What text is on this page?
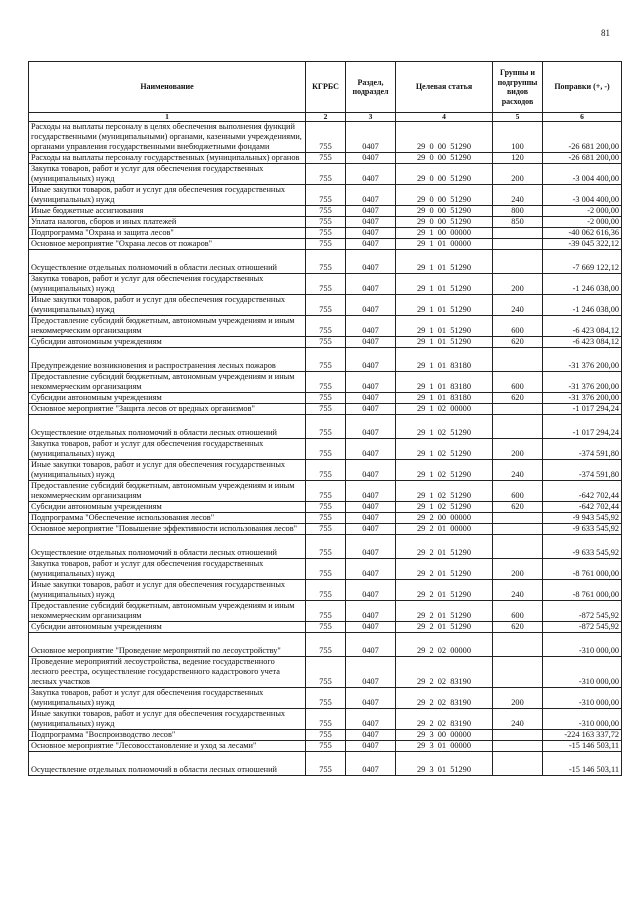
81
Наименование	КГРБС	Раздел, подраздел	Целевая статья	Группы и подгруппы видов расходов	Поправки (+, -)
1	2	3	4	5	6
Расходы на выплаты персоналу в целях обеспечения выполнения функций государственными (муниципальными) органами, казенными учреждениями, органами управления государственными внебюджетными фондами	755	0407	29  0  00  51290	100	-26 681 200,00
Расходы на выплаты персоналу государственных (муниципальных) органов	755	0407	29  0  00  51290	120	-26 681 200,00
Закупка товаров, работ и услуг для обеспечения государственных (муниципальных) нужд	755	0407	29  0  00  51290	200	-3 004 400,00
Иные закупки товаров, работ и услуг для обеспечения государственных (муниципальных) нужд	755	0407	29  0  00  51290	240	-3 004 400,00
Иные бюджетные ассигнования	755	0407	29  0  00  51290	800	-2 000,00
Уплата налогов, сборов и иных платежей	755	0407	29  0  00  51290	850	-2 000,00
Подпрограмма "Охрана и защита лесов"	755	0407	29  1  00  00000		-40 062 616,36
Основное мероприятие "Охрана лесов от пожаров"	755	0407	29  1  01  00000		-39 045 322,12
Осуществление отдельных полномочий в области лесных отношений	755	0407	29  1  01  51290		-7 669 122,12
Закупка товаров, работ и услуг для обеспечения государственных (муниципальных) нужд	755	0407	29  1  01  51290	200	-1 246 038,00
Иные закупки товаров, работ и услуг для обеспечения государственных (муниципальных) нужд	755	0407	29  1  01  51290	240	-1 246 038,00
Предоставление субсидий бюджетным, автономным учреждениям и иным некоммерческим организациям	755	0407	29  1  01  51290	600	-6 423 084,12
Субсидии автономным учреждениям	755	0407	29  1  01  51290	620	-6 423 084,12
Предупреждение возникновения и распространения лесных пожаров	755	0407	29  1  01  83180		-31 376 200,00
Предоставление субсидий бюджетным, автономным учреждениям и иным некоммерческим организациям	755	0407	29  1  01  83180	600	-31 376 200,00
Субсидии автономным учреждениям	755	0407	29  1  01  83180	620	-31 376 200,00
Основное мероприятие "Защита лесов от вредных организмов"	755	0407	29  1  02  00000		-1 017 294,24
Осуществление отдельных полномочий в области лесных отношений	755	0407	29  1  02  51290		-1 017 294,24
Закупка товаров, работ и услуг для обеспечения государственных (муниципальных) нужд	755	0407	29  1  02  51290	200	-374 591,80
Иные закупки товаров, работ и услуг для обеспечения государственных (муниципальных) нужд	755	0407	29  1  02  51290	240	-374 591,80
Предоставление субсидий бюджетным, автономным учреждениям и иным некоммерческим организациям	755	0407	29  1  02  51290	600	-642 702,44
Субсидии автономным учреждениям	755	0407	29  1  02  51290	620	-642 702,44
Подпрограмма "Обеспечение использования лесов"	755	0407	29  2  00  00000		-9 943 545,92
Основное мероприятие "Повышение эффективности использования лесов"	755	0407	29  2  01  00000		-9 633 545,92
Осуществление отдельных полномочий в области лесных отношений	755	0407	29  2  01  51290		-9 633 545,92
Закупка товаров, работ и услуг для обеспечения государственных (муниципальных) нужд	755	0407	29  2  01  51290	200	-8 761 000,00
Иные закупки товаров, работ и услуг для обеспечения государственных (муниципальных) нужд	755	0407	29  2  01  51290	240	-8 761 000,00
Предоставление субсидий бюджетным, автономным учреждениям и иным некоммерческим организациям	755	0407	29  2  01  51290	600	-872 545,92
Субсидии автономным учреждениям	755	0407	29  2  01  51290	620	-872 545,92
Основное мероприятие "Проведение мероприятий по лесоустройству"	755	0407	29  2  02  00000		-310 000,00
Проведение мероприятий лесоустройства, ведение государственного лесного реестра, осуществление государственного кадастрового учета лесных участков	755	0407	29  2  02  83190		-310 000,00
Закупка товаров, работ и услуг для обеспечения государственных (муниципальных) нужд	755	0407	29  2  02  83190	200	-310 000,00
Иные закупки товаров, работ и услуг для обеспечения государственных (муниципальных) нужд	755	0407	29  2  02  83190	240	-310 000,00
Подпрограмма "Воспроизводство лесов"	755	0407	29  3  00  00000		-224 163 337,72
Основное мероприятие "Лесовосстановление и уход за лесами"	755	0407	29  3  01  00000		-15 146 503,11
Осуществление отдельных полномочий в области лесных отношений	755	0407	29  3  01  51290		-15 146 503,11
